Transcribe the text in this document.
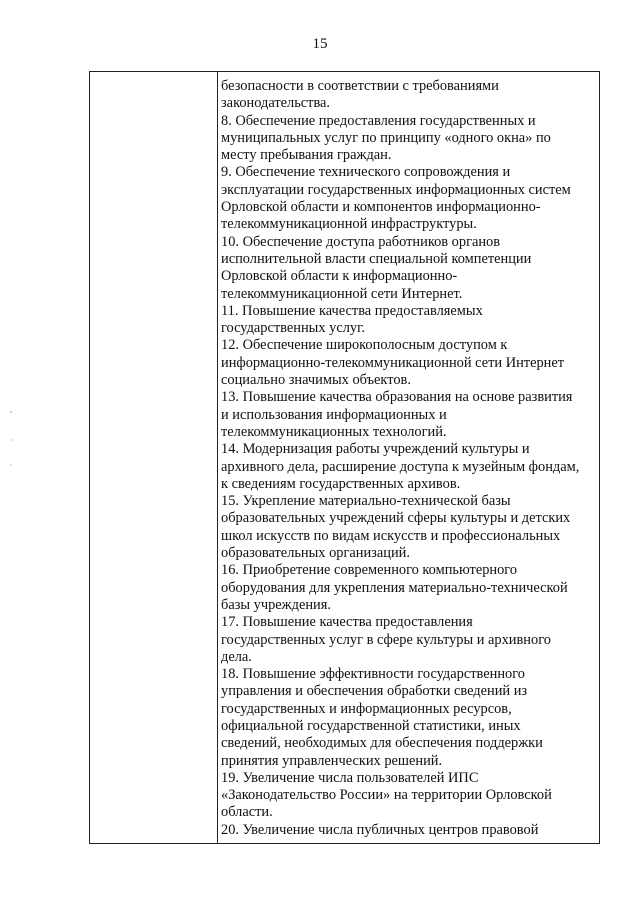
15
безопасности в соответствии с требованиями
законодательства.
8. Обеспечение предоставления государственных и
муниципальных услуг по принципу «одного окна» по
месту пребывания граждан.
9. Обеспечение технического сопровождения и
эксплуатации государственных информационных систем
Орловской области и компонентов информационно-
телекоммуникационной инфраструктуры.
10. Обеспечение доступа работников органов
исполнительной власти специальной компетенции
Орловской области к информационно-
телекоммуникационной сети Интернет.
11. Повышение качества предоставляемых
государственных услуг.
12. Обеспечение широкополосным доступом к
информационно-телекоммуникационной сети Интернет
социально значимых объектов.
13. Повышение качества образования на основе развития
и использования информационных и
телекоммуникационных технологий.
14. Модернизация работы учреждений культуры и
архивного дела, расширение доступа к музейным фондам,
к сведениям государственных архивов.
15. Укрепление материально-технической базы
образовательных учреждений сферы культуры и детских
школ искусств по видам искусств и профессиональных
образовательных организаций.
16. Приобретение современного компьютерного
оборудования для укрепления материально-технической
базы учреждения.
17. Повышение качества предоставления
государственных услуг в сфере культуры и архивного
дела.
18. Повышение эффективности государственного
управления и обеспечения обработки сведений из
государственных и информационных ресурсов,
официальной государственной статистики, иных
сведений, необходимых для обеспечения поддержки
принятия управленческих решений.
19. Увеличение числа пользователей ИПС
«Законодательство России» на территории Орловской
области.
20. Увеличение числа публичных центров правовой
